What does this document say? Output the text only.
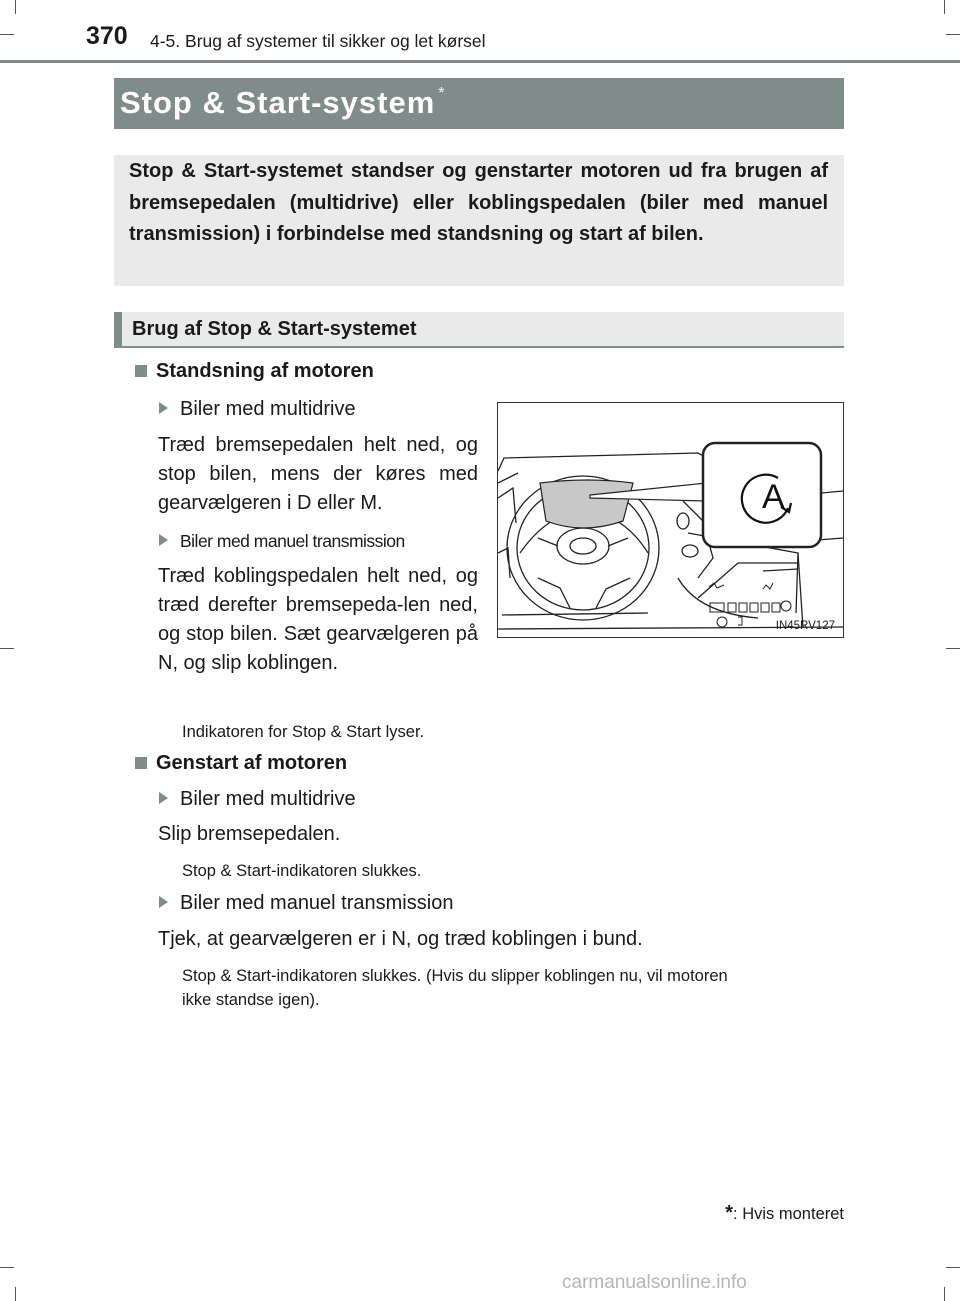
370 4-5. Brug af systemer til sikker og let kørsel
Stop & Start-system *
Stop & Start-systemet standser og genstarter motoren ud fra brugen af bremsepedalen (multidrive) eller koblingspedalen (biler med manuel transmission) i forbindelse med standsning og start af bilen.
Brug af Stop & Start-systemet
Standsning af motoren
Biler med multidrive
Træd bremsepedalen helt ned, og stop bilen, mens der køres med gearvælgeren i D eller M.
Biler med manuel transmission
Træd koblingspedalen helt ned, og træd derefter bremsepeda-len ned, og stop bilen. Sæt gearvælgeren på N, og slip koblingen.
Indikatoren for Stop & Start lyser.
A
IN45RV127
Genstart af motoren
Biler med multidrive
Slip bremsepedalen.
Stop & Start-indikatoren slukkes.
Biler med manuel transmission
Tjek, at gearvælgeren er i N, og træd koblingen i bund.
Stop & Start-indikatoren slukkes. (Hvis du slipper koblingen nu, vil motoren
ikke standse igen).
*: Hvis monteret
carmanualsonline.info
